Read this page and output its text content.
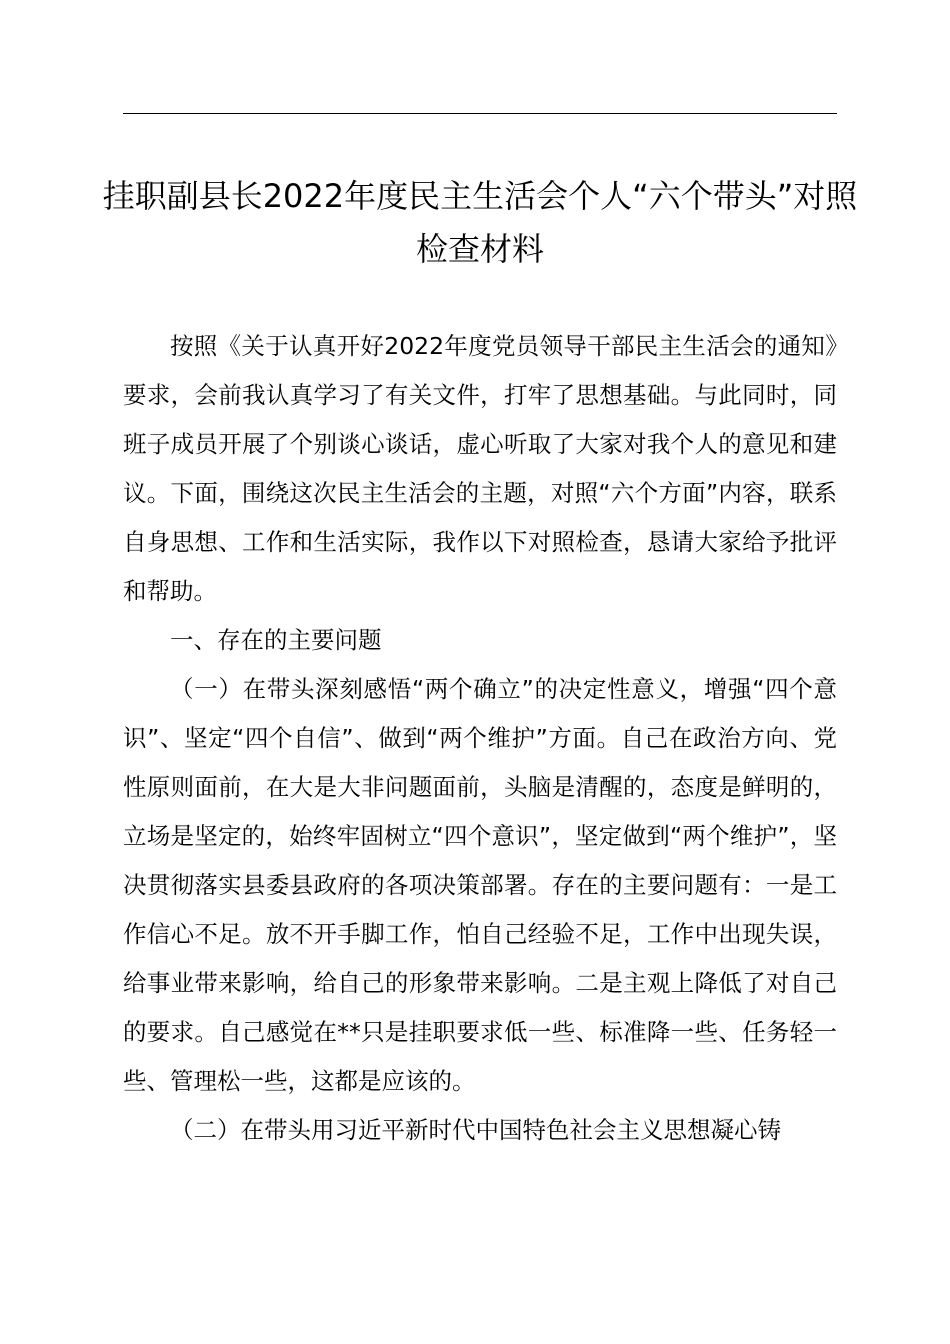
挂职副县长2022年度民主生活会个人“六个带头”对照检查材料

按照《关于认真开好2022年度党员领导干部民主生活会的通知》要求，会前我认真学习了有关文件，打牢了思想基础。与此同时，同班子成员开展了个别谈心谈话，虚心听取了大家对我个人的意见和建议。下面，围绕这次民主生活会的主题，对照“六个方面”内容，联系自身思想、工作和生活实际，我作以下对照检查，恳请大家给予批评和帮助。

一、存在的主要问题

（一）在带头深刻感悟“两个确立”的决定性意义，增强“四个意识”、坚定“四个自信”、做到“两个维护”方面。自己在政治方向、党性原则面前，在大是大非问题面前，头脑是清醒的，态度是鲜明的，立场是坚定的，始终牢固树立“四个意识”，坚定做到“两个维护”，坚决贯彻落实县委县政府的各项决策部署。存在的主要问题有：一是工作信心不足。放不开手脚工作，怕自己经验不足，工作中出现失误，给事业带来影响，给自己的形象带来影响。二是主观上降低了对自己的要求。自己感觉在**只是挂职要求低一些、标准降一些、任务轻一些、管理松一些，这都是应该的。

（二）在带头用习近平新时代中国特色社会主义思想凝心铸
